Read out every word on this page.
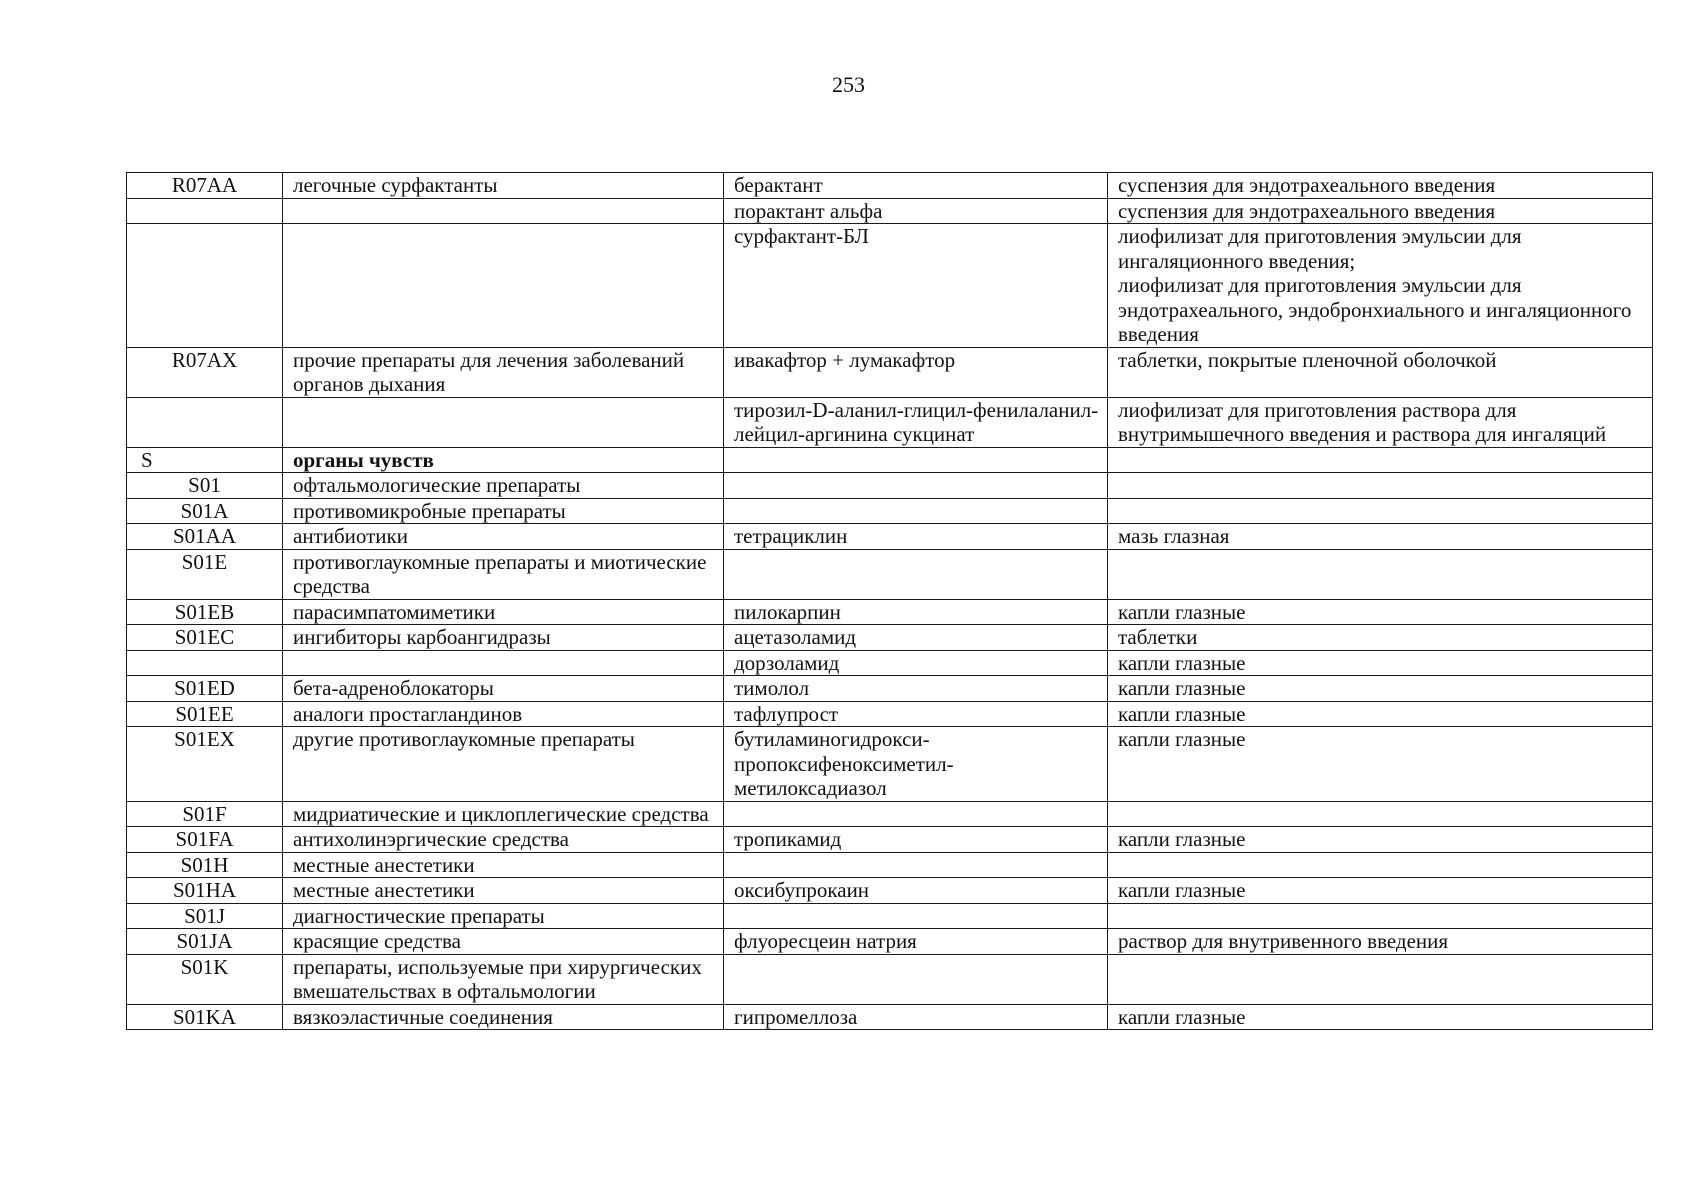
253
R07AA	легочные сурфактанты	берактант	суспензия для эндотрахеального введения
		порактант альфа	суспензия для эндотрахеального введения
		сурфактант-БЛ	лиофилизат для приготовления эмульсии для ингаляционного введения;
лиофилизат для приготовления эмульсии для эндотрахеального, эндобронхиального и ингаляционного введения
R07AX	прочие препараты для лечения заболеваний органов дыхания	ивакафтор + лумакафтор	таблетки, покрытые пленочной оболочкой
		тирозил-D-аланил-глицил-фенилаланил-лейцил-аргинина сукцинат	лиофилизат для приготовления раствора для внутримышечного введения и раствора для ингаляций
S	органы чувств		
S01	офтальмологические препараты		
S01A	противомикробные препараты		
S01AA	антибиотики	тетрациклин	мазь глазная
S01E	противоглаукомные препараты и миотические средства		
S01EB	парасимпатомиметики	пилокарпин	капли глазные
S01EC	ингибиторы карбоангидразы	ацетазоламид	таблетки
		дорзоламид	капли глазные
S01ED	бета-адреноблокаторы	тимолол	капли глазные
S01EE	аналоги простагландинов	тафлупрост	капли глазные
S01EX	другие противоглаукомные препараты	бутиламиногидрокси-
пропоксифеноксиметил-
метилоксадиазол	капли глазные
S01F	мидриатические и циклоплегические средства		
S01FA	антихолинэргические средства	тропикамид	капли глазные
S01H	местные анестетики		
S01HA	местные анестетики	оксибупрокаин	капли глазные
S01J	диагностические препараты		
S01JA	красящие средства	флуоресцеин натрия	раствор для внутривенного введения
S01K	препараты, используемые при хирургических вмешательствах в офтальмологии		
S01KA	вязкоэластичные соединения	гипромеллоза	капли глазные
